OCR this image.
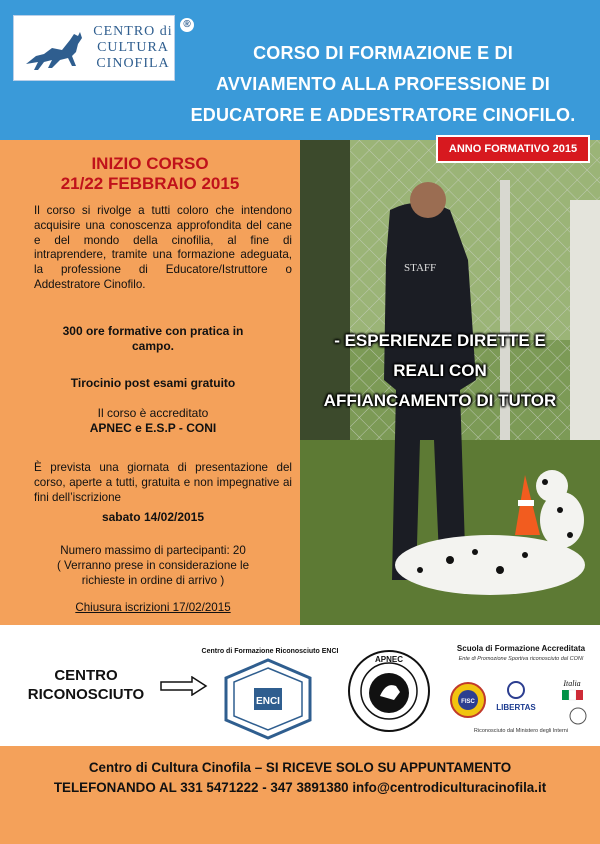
CENTRO di
CULTURA
CINOFILA
®
CORSO DI FORMAZIONE E DI
AVVIAMENTO ALLA PROFESSIONE DI
EDUCATORE E ADDESTRATORE CINOFILO.
INIZIO CORSO
21/22 FEBBRAIO 2015
Il corso si rivolge a tutti coloro che intendono acquisire una conoscenza approfondita del cane e del mondo della cinofilia, al fine di intraprendere, tramite una formazione adeguata, la professione di Educatore/Istruttore o Addestratore Cinofilo.
300 ore formative con pratica in
campo.
Tirocinio post esami gratuito
Il corso è accreditato
APNEC e E.S.P - CONI
È prevista una giornata di presentazione del corso, aperte a tutti, gratuita e non impegnative ai fini dell’iscrizione
sabato 14/02/2015
Numero massimo di partecipanti: 20
( Verranno prese in considerazione le
richieste in ordine di arrivo )
Chiusura iscrizioni 17/02/2015
STAFF
ANNO FORMATIVO 2015
- ESPERIENZE DIRETTE E
REALI CON
AFFIANCAMENTO DI TUTOR
CENTRO
RICONOSCIUTO
Centro di Formazione Riconosciuto ENCI
ENCI
APNEC
Scuola di Formazione Accreditata
Ente di Promozione Sportiva riconosciuto dal CONI
FISC
LIBERTAS
Italia
Riconosciuto dal Ministero degli Interni
Centro di Cultura Cinofila – SI RICEVE SOLO SU APPUNTAMENTO
TELEFONANDO AL 331 5471222 - 347 3891380 info@centrodiculturacinofila.it
